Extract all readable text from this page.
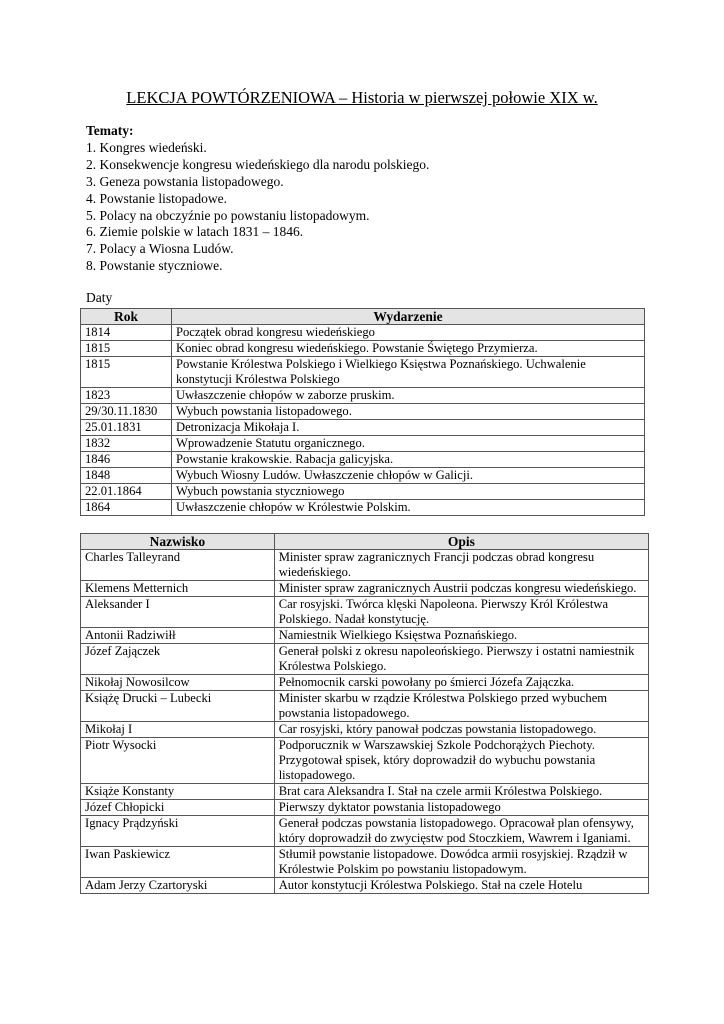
LEKCJA POWTÓRZENIOWA – Historia w pierwszej połowie XIX w.
Tematy:
1. Kongres wiedeński.
2. Konsekwencje kongresu wiedeńskiego dla narodu polskiego.
3. Geneza powstania listopadowego.
4. Powstanie listopadowe.
5. Polacy na obczyźnie po powstaniu listopadowym.
6. Ziemie polskie w latach 1831 – 1846.
7. Polacy a Wiosna Ludów.
8. Powstanie styczniowe.
Daty
Rok	Wydarzenie
1814	Początek obrad kongresu wiedeńskiego
1815	Koniec obrad kongresu wiedeńskiego. Powstanie Świętego Przymierza.
1815	Powstanie Królestwa Polskiego i Wielkiego Księstwa Poznańskiego. Uchwalenie konstytucji Królestwa Polskiego
1823	Uwłaszczenie chłopów w zaborze pruskim.
29/30.11.1830	Wybuch powstania listopadowego.
25.01.1831	Detronizacja Mikołaja I.
1832	Wprowadzenie Statutu organicznego.
1846	Powstanie krakowskie. Rabacja galicyjska.
1848	Wybuch Wiosny Ludów. Uwłaszczenie chłopów w Galicji.
22.01.1864	Wybuch powstania styczniowego
1864	Uwłaszczenie chłopów w Królestwie Polskim.
Nazwisko	Opis
Charles Talleyrand	Minister spraw zagranicznych Francji podczas obrad kongresu wiedeńskiego.
Klemens Metternich	Minister spraw zagranicznych Austrii podczas kongresu wiedeńskiego.
Aleksander I	Car rosyjski. Twórca klęski Napoleona. Pierwszy Król Królestwa Polskiego. Nadał konstytucję.
Antonii Radziwiłł	Namiestnik Wielkiego Księstwa Poznańskiego.
Józef Zajączek	Generał polski z okresu napoleońskiego. Pierwszy i ostatni namiestnik Królestwa Polskiego.
Nikołaj Nowosilcow	Pełnomocnik carski powołany po śmierci Józefa Zajączka.
Książę Drucki – Lubecki	Minister skarbu w rządzie Królestwa Polskiego przed wybuchem powstania listopadowego.
Mikołaj I	Car rosyjski, który panował podczas powstania listopadowego.
Piotr Wysocki	Podporucznik w Warszawskiej Szkole Podchorążych Piechoty. Przygotował spisek, który doprowadził do wybuchu powstania listopadowego.
Książe Konstanty	Brat cara Aleksandra I. Stał na czele armii Królestwa Polskiego.
Józef Chłopicki	Pierwszy dyktator powstania listopadowego
Ignacy Prądzyński	Generał podczas powstania listopadowego. Opracował plan ofensywy, który doprowadził do zwycięstw pod Stoczkiem, Wawrem i Iganiami.
Iwan Paskiewicz	Stłumił powstanie listopadowe. Dowódca armii rosyjskiej. Rządził w Królestwie Polskim po powstaniu listopadowym.
Adam Jerzy Czartoryski	Autor konstytucji Królestwa Polskiego. Stał na czele Hotelu
